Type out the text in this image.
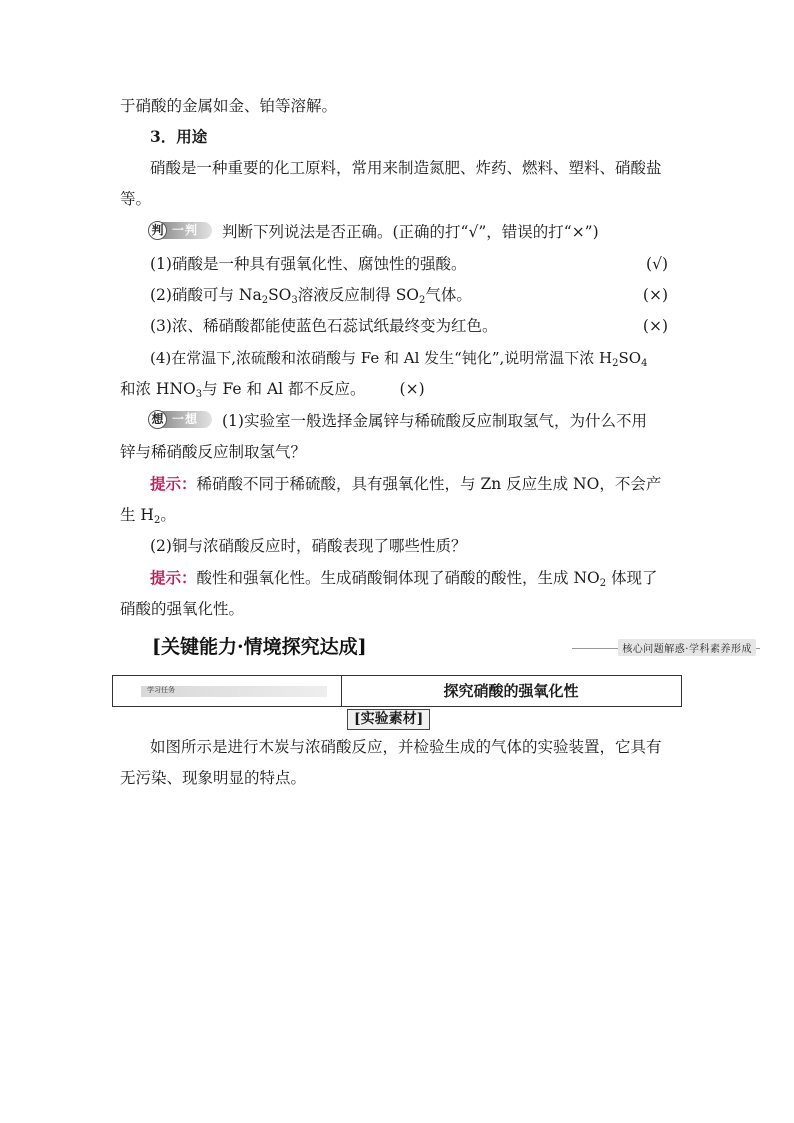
于硝酸的金属如金、铂等溶解。
3．用途
硝酸是一种重要的化工原料，常用来制造氮肥、炸药、燃料、塑料、硝酸盐
等。
判 一判 判断下列说法是否正确。(正确的打“√”，错误的打“×”)
(1)硝酸是一种具有强氧化性、腐蚀性的强酸。	(√)
(2)硝酸可与 $Na_2SO_3$溶液反应制得 $SO_2$气体。	(×)
(3)浓、稀硝酸都能使蓝色石蕊试纸最终变为红色。	(×)
(4)在常温下,浓硫酸和浓硝酸与 Fe 和 Al 发生“钝化”,说明常温下浓 $H_2SO_4$
和浓 $HNO_3$与 Fe 和 Al 都不反应。 (×)
想 一想 (1)实验室一般选择金属锌与稀硫酸反应制取氢气，为什么不用
锌与稀硝酸反应制取氢气？
提示：稀硝酸不同于稀硫酸，具有强氧化性，与 Zn 反应生成 NO，不会产
生 $H_2$。
(2)铜与浓硝酸反应时，硝酸表现了哪些性质？
提示：酸性和强氧化性。生成硝酸铜体现了硝酸的酸性，生成 $NO_2$ 体现了
硝酸的强氧化性。
[关键能力·情境探究达成]	核心问题解惑·学科素养形成
学习任务	探究硝酸的强氧化性
[实验素材]
如图所示是进行木炭与浓硝酸反应，并检验生成的气体的实验装置，它具有
无污染、现象明显的特点。
